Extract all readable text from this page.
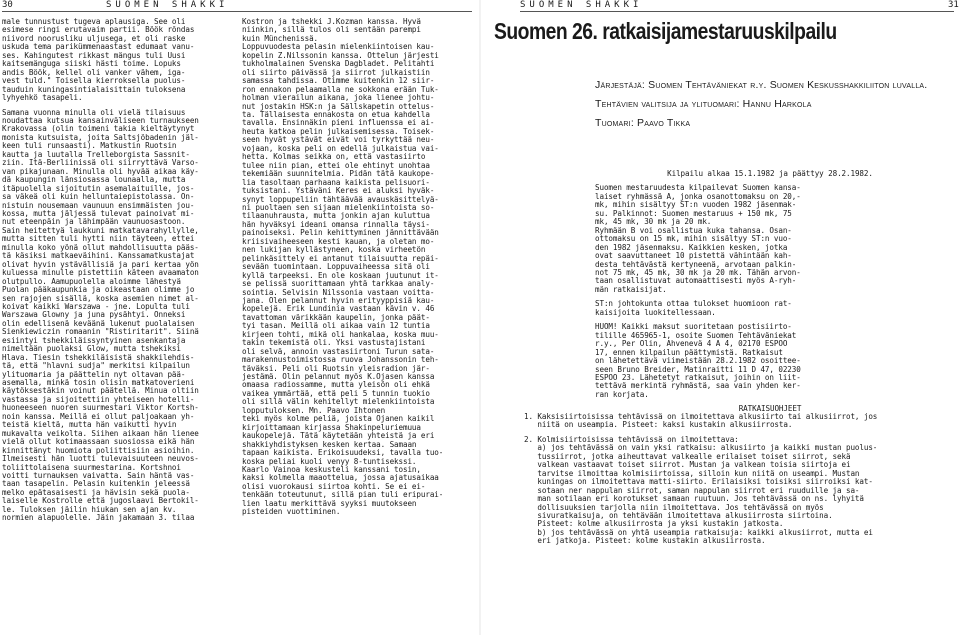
30	SUOMEN SHAKKI

male tunnustust tugeva aplausiga. See oli

esimese ringi erutavaim partii. Böök rõndas

niivord noorusliku uljusega, et oli raske

uskuda tema parikümmenaastast edumaat vanu-

ses. Kahingutest rikkast mängus tuli Uusi

kaitsemänguga siiski hästi toime. Lopuks

andis Böök, kellel oli vanker vähem, iga-

vest tuld." Toisella kierroksella puolus-

tauduin kuningasintialaisittain tuloksena

lyhyehkö tasapeli.

Samana vuonna minulla oli vielä tilaisuus

noudattaa kutsua kansainväliseen turnaukseen

Krakovassa (olin toimeni takia kieltäytynyt

monista kutsuista, joita Saltsjöbadenin jäl-

keen tuli runsaasti). Matkustin Ruotsin

kautta ja luutalla Trelleborgista Sassnit-

ziin. Itä-Berliinissä oli siirryttävä Varso-

van pikajunaan. Minulla oli hyvää aikaa käy-

dä kaupungin länsiosassa lounaalla, mutta

itäpuolella sijoitutin asemalaituille, jos-

sa väkeä oli kuin helluntaiepistolassa. On-

nistuin nousemaan vaunuun ensimmäisten jou-

kossa, mutta jäljessä tulevat painoivat mi-

nut eteenpäin ja lähimpään vaunuosastoon.

Sain heitettyä laukkuni matkatavarahyllylle,

mutta sitten tuli hytti niin täyteen, ettei

minulla koko yönä ollut mahdollisuutta pääs-

tä käsiksi matkaeväihini. Kanssamatkustajat

olivat hyvin ystävällisiä ja pari kertaa yön

kuluessa minulle pistettiin käteen avaamaton

olutpullo. Aamupuolella aloimme lähestyä

Puolan pääkaupunkia ja oikeastaan olimme jo

sen rajojen sisällä, koska asemien nimet al-

koivat kaikki Warszawa - jne. Lopulta tuli

Warszawa Glowny ja juna pysähtyi. Onneksi

olin edellisenä keväänä lukenut puolalaisen

Sienkiewiczin romaanin "Ristiritarit". Siinä

esiintyi tshekkiläissyntyinen asenkantaja

nimeltään puolaksi Glow, mutta tshekiksi

Hlava. Tiesin tshekkiläisistä shakkilehdis-

tä, että "hlavni sudja" merkitsi kilpailun

ylituomaria ja päättelin nyt oltavan pää-

asemalla, minkä tosin olisin matkatoverieni

käytöksestäkin voinut päätellä. Minua oltiin

vastassa ja sijoitettiin yhteiseen hotelli-

huoneeseen nuoren suurmestari Viktor Kortsh-

noin kanssa. Meillä ei ollut paljoakaan yh-

teistä kieltä, mutta hän vaikutti hyvin

mukavalta veikolta. Siihen aikaan hän lienee

vielä ollut kotimaassaan suosiossa eikä hän

kinnittänyt huomiota poliittisiin asioihin.

Ilmeisesti hän luotti tulevaisuuteen neuvos-

toliittolaisena suurmestarina. Kortshnoi

voitti turnauksen vaivatta. Sain häntä vas-

taan tasapelin. Pelasin kuitenkin jeleessä

melko epätasaisesti ja hävisin sekä puola-

laiselle Kostrolle että jugoslaavi Bertokil-

le. Tuloksen jäilin hiukan sen ajan kv.

normien alapuolelle. Jäin jakamaan 3. tilaa

Kostron ja tshekki J.Kozman kanssa. Hyvä

niinkin, sillä tulos oli sentään parempi

kuin Münchenissä.

Loppuvuodesta pelasin mielenkiintoisen kau-

kopelin Z.Nilssonin kanssa. Ottelun järjesti

tukholmalainen Svenska Dagbladet. Pelitahti

oli siirto päivässä ja siirrot julkaistiin

samassa tahdissa. Otimme kuitenkin 12 siir-

ron ennakon pelaamalla ne sokkona erään Tuk-

holman vierailun aikana, joka lienee johtu-

nut jostakin HSK:n ja Sällskapetin ottelus-

ta. Tällaisesta ennakosta on etua kahdella

tavalla. Ensinnäkin pieni influenssa ei ai-

heuta katkoa pelin julkaisemisessa. Toisek-

seen hyvät ystävät eivät voi tyrkyttää neu-

vojaan, koska peli on edellä julkaistua vai-

hetta. Kolmas seikka on, että vastasiirto

tulee niin pian, ettei ole ehtinyt unohtaa

tekemiään suunnitelmia. Pidän tätä kaukope-

lia tasoltaan parhaana kaikista pelisuori-

tuksistani. Ystäväni Keres ei aluksi hyväk-

synyt loppupeliin tähtäävää avauskäsittelyä-

ni puoltaen sen sijaan mielenkiintoista so-

tilaanuhrausta, mutta jonkin ajan kuluttua

hän hyväksyi ideani omansa rinnalla täysi-

painoiseksi. Pelin kehittyminen jännittävään

kriisivaiheeseen kesti kauan, ja oletan mo-

nen lukijan kyllästyneen, koska virheetön

pelinkäsittely ei antanut tilaisuutta repäi-

sevään tuomintaan. Loppuvaiheessa sitä oli

kyllä tarpeeksi. En ole koskaan juutunut it-

se pelissä suorittamaan yhtä tarkkaa analy-

sointia. Selvisin Nilssonia vastaan voitta-

jana. Olen pelannut hyvin erityyppisiä kau-

kopelejä. Erik Lundinia vastaan kävin v. 46

tavattoman värikkään kaupelin, jonka päät-

tyi tasan. Meillä oli aikaa vain 12 tuntia

kirjeen tohti, mikä oli hankalaa, koska muu-

takin tekemistä oli. Yksi vastustajistani

oli selvä, annoin vastasiirtoni Turun sata-

marakennustoimistossa ruova Johanssonin teh-

täväksi. Peli oli Ruotsin yleisradion jär-

jestämä. Olin pelannut myös K.Ojasen kanssa

omaasa radiossamme, mutta yleisön oli ehkä

vaikea ymmärtää, että peli 5 tunnin tuokio

oli sillä välin kehitellyt mielenkiintoista

lopputuloksen. Mn. Paavo Ihtonen

teki myös kolme peliä, joista Ojanen kaikil

kirjoittamaan kirjassa Shakinpeluriemuua

kaukopelejä. Tätä käytetään yhteistä ja eri

shakkiyhdistyksen kesken kertaa. Samaan

tapaan kaikista. Erikoisuudeksi, tavalla tuo-

koska peliai kuoli venyy 8-tuntisekssi.

Kaarlo Vainoa keskusteli kanssani tosin,

kaksi kolmella maaottelua, jossa ajatusaikaa

olisi vuorokausi siirtoa kohti. Se ei ei-

tenkään toteutunut, sillä pian tuli eripurai-

lien laatu merkittävä syyksi muutokseen

pisteiden vuottiminen.

SUOMEN SHAKKI	31
Suomen 26. ratkaisijamestaruuskilpailu

Järjestäjä: Suomen Tehtäväniekat r.y. Suomen Keskusshakkiliiton luvalla.

Tehtävien valitsija ja ylituomari: Hannu Harkola

Tuomari: Paavo Tikka

Kilpailu alkaa 15.1.1982 ja päättyy 28.2.1982.

Suomen mestaruudesta kilpailevat Suomen kansa-

laiset ryhmässä A, jonka osanottomaksu on 20,-

mk, mihin sisältyy ST:n vuoden 1982 jäsenmak-

su. Palkinnot: Suomen mestaruus + 150 mk, 75

mk, 45 mk, 30 mk ja 20 mk.

Ryhmään B voi osallistua kuka tahansa. Osan-

ottomaksu on 15 mk, mihin sisältyy ST:n vuo-

den 1982 jäsenmaksu. Kaikkien kesken, jotka

ovat saavuttaneet 10 pistettä vähintään kah-

desta tehtävästä kertyneenä, arvotaan palkin-

not 75 mk, 45 mk, 30 mk ja 20 mk. Tähän arvon-

taan osallistuvat automaattisesti myös A-ryh-

män ratkaisijat.

ST:n johtokunta ottaa tulokset huomioon rat-

kaisijoita luokitellessaan.

HUOM! Kaikki maksut suoritetaan postisiirto-

tilille 465965-1, osoite Suomen Tehtäväniekat

r.y., Per Olin, Ahvenevä 4 A 4, 02170 ESPOO

17, ennen kilpailun päättymistä. Ratkaisut

on lähetettävä viimeistään 28.2.1982 osoittee-

seen Bruno Breider, Matinraitti 11 D 47, 02230

ESPOO 23. Lähetetyt ratkaisut, joihin on liit-

tettävä merkintä ryhmästä, saa vain yhden ker-

ran korjata.

RATKAISUOHJEET

1. Kaksisiirtoisissa tehtävissä on ilmoitettava alkusiirto tai alkusiirrot, jos

niitä on useampia. Pisteet: kaksi kustakin alkusiirrosta.

2. Kolmisiirtoisissa tehtävissä on ilmoitettava:

a) jos tehtävässä on vain yksi ratkaisu: alkusiirto ja kaikki mustan puolus-

tussiirrot, jotka aiheuttavat valkealle erilaiset toiset siirrot, sekä

valkean vastaavat toiset siirrot. Mustan ja valkean toisia siirtoja ei

tarvitse ilmoittaa kolmisiirtoissa, silloin kun niitä on useampi. Mustan

kuningas on ilmoitettava matti-siirto. Erilaisiksi toisiksi siirroiksi kat-

sotaan ner nappulan siirrot, saman nappulan siirrot eri ruuduille ja sa-

man sotilaan eri korotukset samaan ruutuun. Jos tehtävässä on ns. lyhyitä

dollisuuksien tarjolla niin ilmoitettava. Jos tehtävässä on myös

sivuratkaisuja, on tehtävään ilmoitettava alkusiirrosta siirtoina.

Pisteet: kolme alkusiirrosta ja yksi kustakin jatkosta.

b) jos tehtävässä on yhtä useampia ratkaisuja: kaikki alkusiirrot, mutta ei

eri jatkoja. Pisteet: kolme kustakin alkusiirrosta.
